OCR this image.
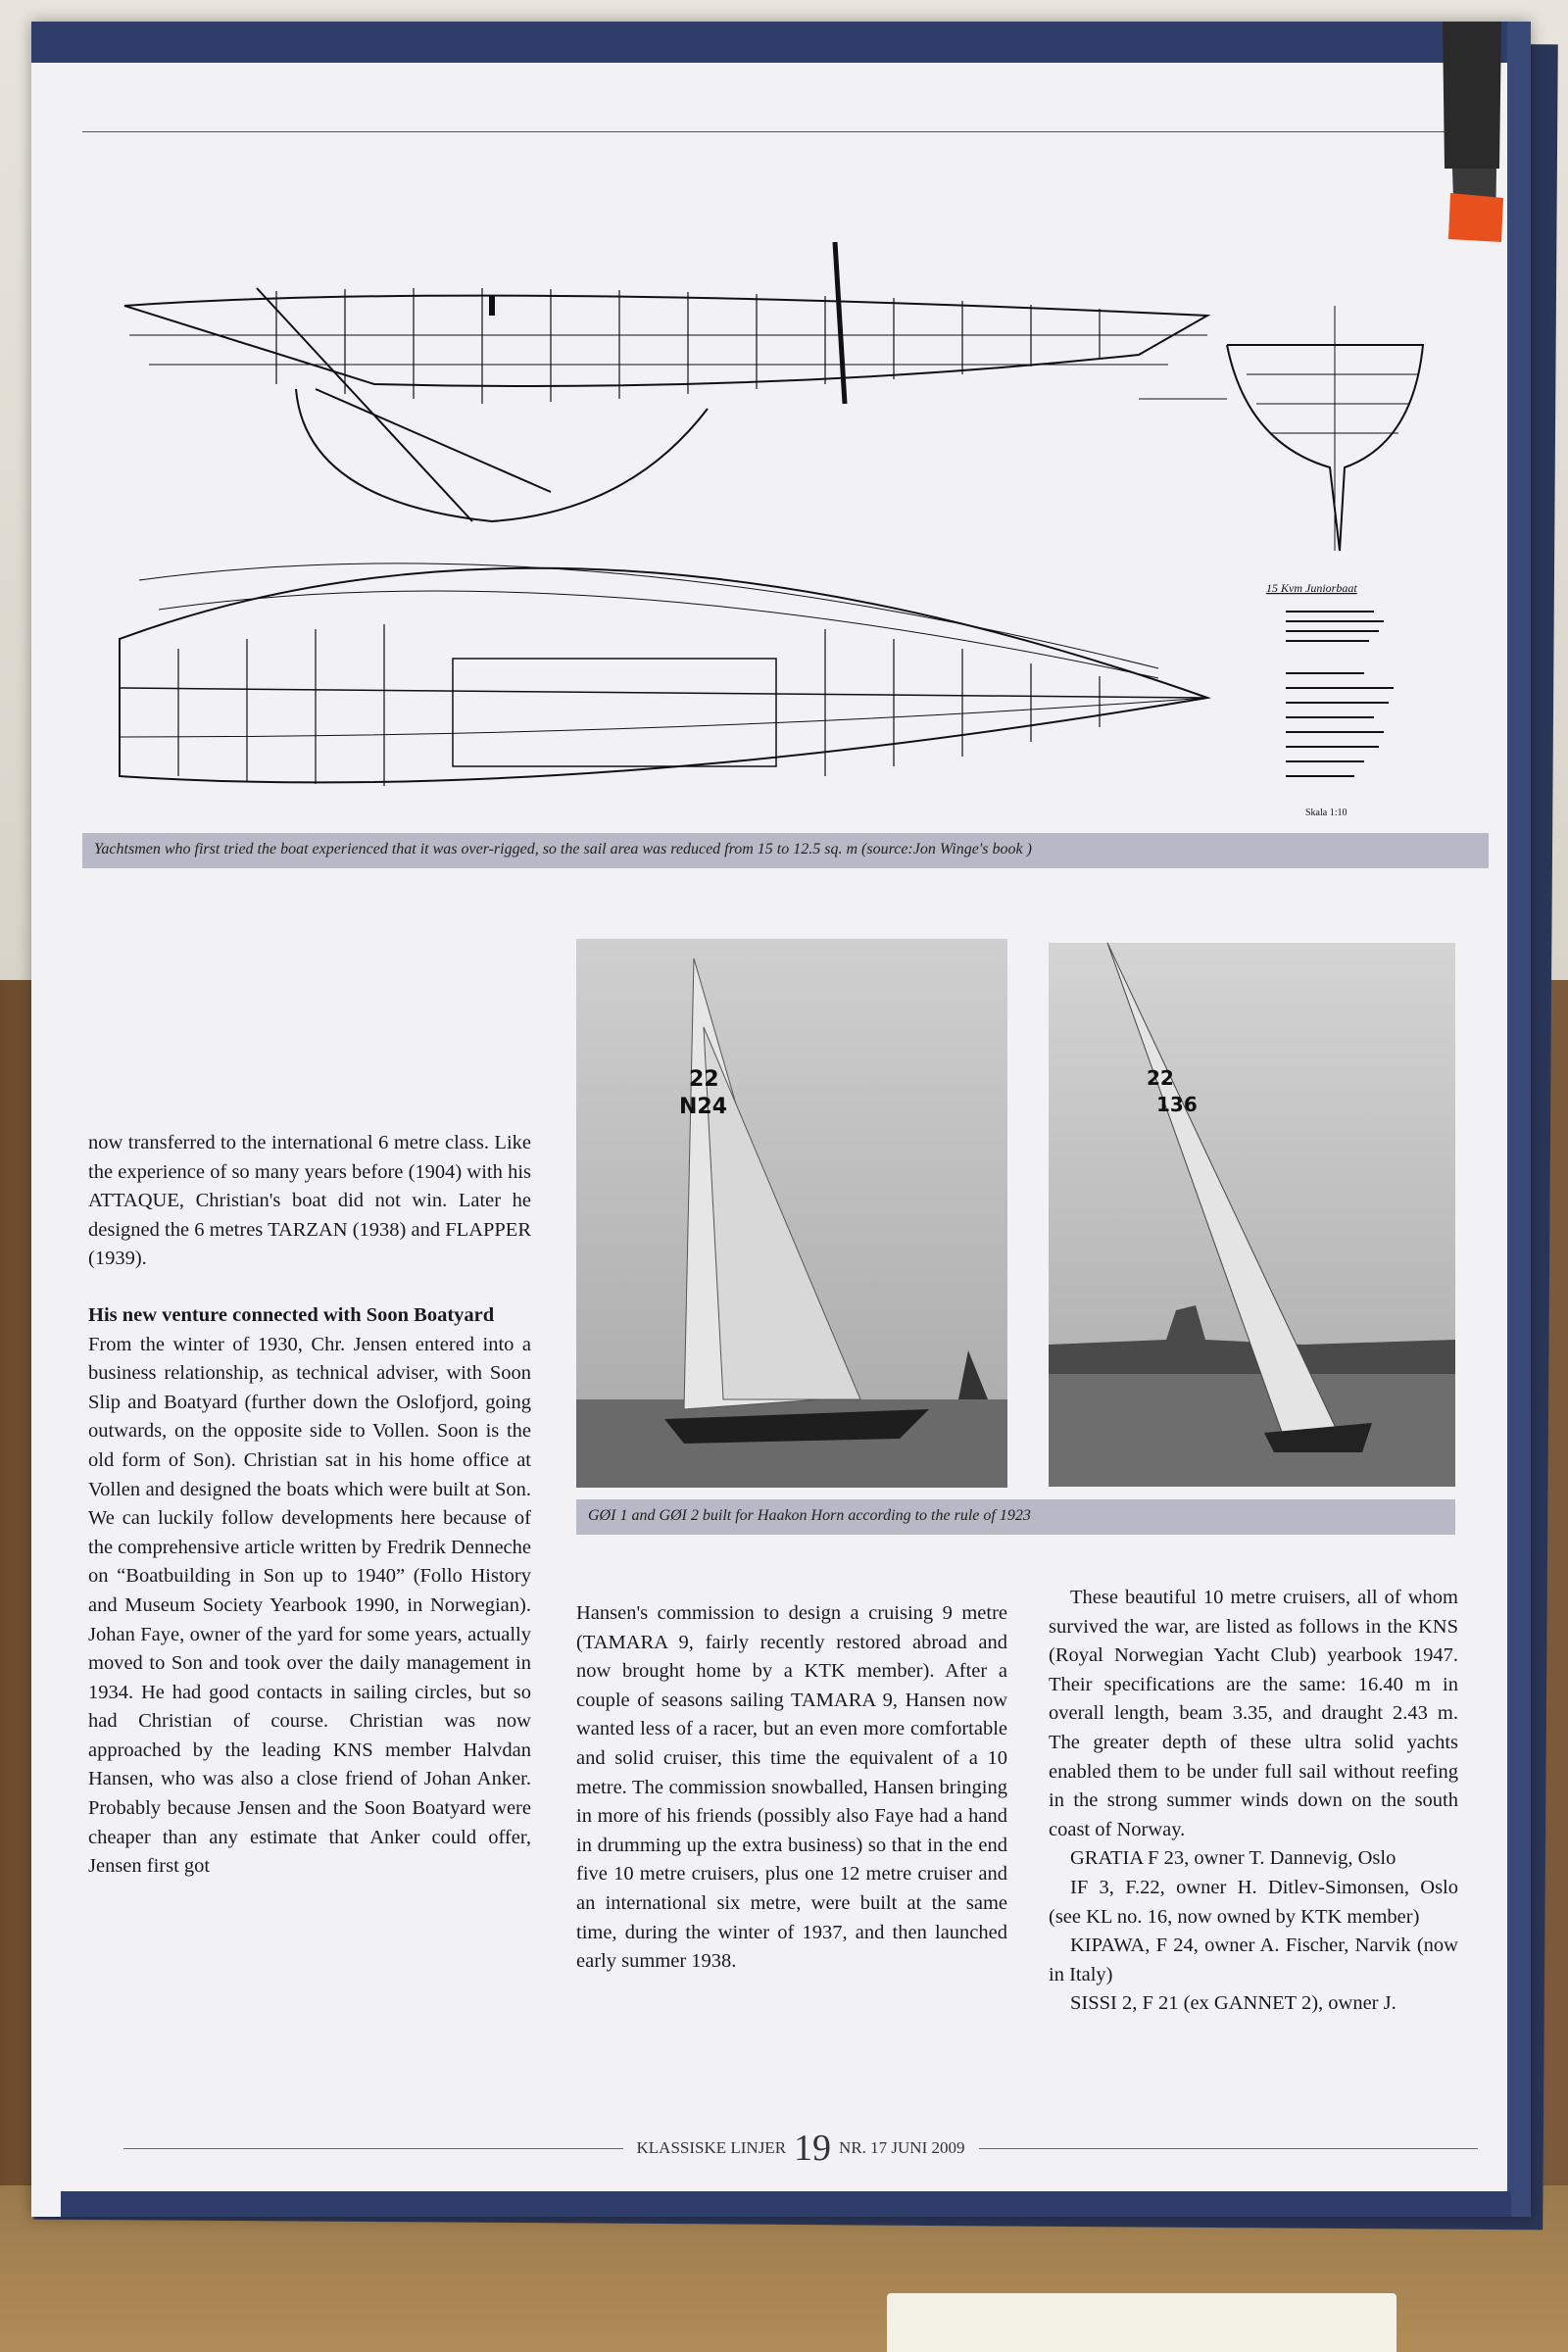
15 Kvm Juniorbaat
Skala 1:10
Yachtsmen who first tried the boat experienced that it was over-rigged, so the sail area was reduced from 15 to 12.5 sq. m (source:Jon Winge's book )
22
N24
22
136
GØI 1 and GØI 2 built for Haakon Horn according to the rule of 1923

now transferred to the international 6 metre class. Like the experience of so many years before (1904) with his ATTAQUE, Christian's boat did not win. Later he designed the 6 metres TARZAN (1938) and FLAPPER (1939).

His new venture connected with Soon Boatyard

From the winter of 1930, Chr. Jensen entered into a business relationship, as technical adviser, with Soon Slip and Boatyard (further down the Oslofjord, going outwards, on the opposite side to Vollen. Soon is the old form of Son). Christian sat in his home office at Vollen and designed the boats which were built at Son. We can luckily follow developments here because of the comprehensive article written by Fredrik Denneche on “Boatbuilding in Son up to 1940” (Follo History and Museum Society Yearbook 1990, in Norwegian). Johan Faye, owner of the yard for some years, actually moved to Son and took over the daily management in 1934. He had good contacts in sailing circles, but so had Christian of course. Christian was now approached by the leading KNS member Halvdan Hansen, who was also a close friend of Johan Anker. Probably because Jensen and the Soon Boatyard were cheaper than any estimate that Anker could offer, Jensen first got

Hansen's commission to design a cruising 9 metre (TAMARA 9, fairly recently restored abroad and now brought home by a KTK member). After a couple of seasons sailing TAMARA 9, Hansen now wanted less of a racer, but an even more comfortable and solid cruiser, this time the equivalent of a 10 metre. The commission snowballed, Hansen bringing in more of his friends (possibly also Faye had a hand in drumming up the extra business) so that in the end five 10 metre cruisers, plus one 12 metre cruiser and an international six metre, were built at the same time, during the winter of 1937, and then launched early summer 1938.

These beautiful 10 metre cruisers, all of whom survived the war, are listed as follows in the KNS (Royal Norwegian Yacht Club) yearbook 1947. Their specifications are the same: 16.40 m in overall length, beam 3.35, and draught 2.43 m. The greater depth of these ultra solid yachts enabled them to be under full sail without reefing in the strong summer winds down on the south coast of Norway.

GRATIA F 23, owner T. Dannevig, Oslo

IF 3, F.22, owner H. Ditlev-Simonsen, Oslo (see KL no. 16, now owned by KTK member)

KIPAWA, F 24, owner A. Fischer, Narvik (now in Italy)

SISSI 2, F 21 (ex GANNET 2), owner J.

KLASSISKE LINJER 19 NR. 17 JUNI 2009
